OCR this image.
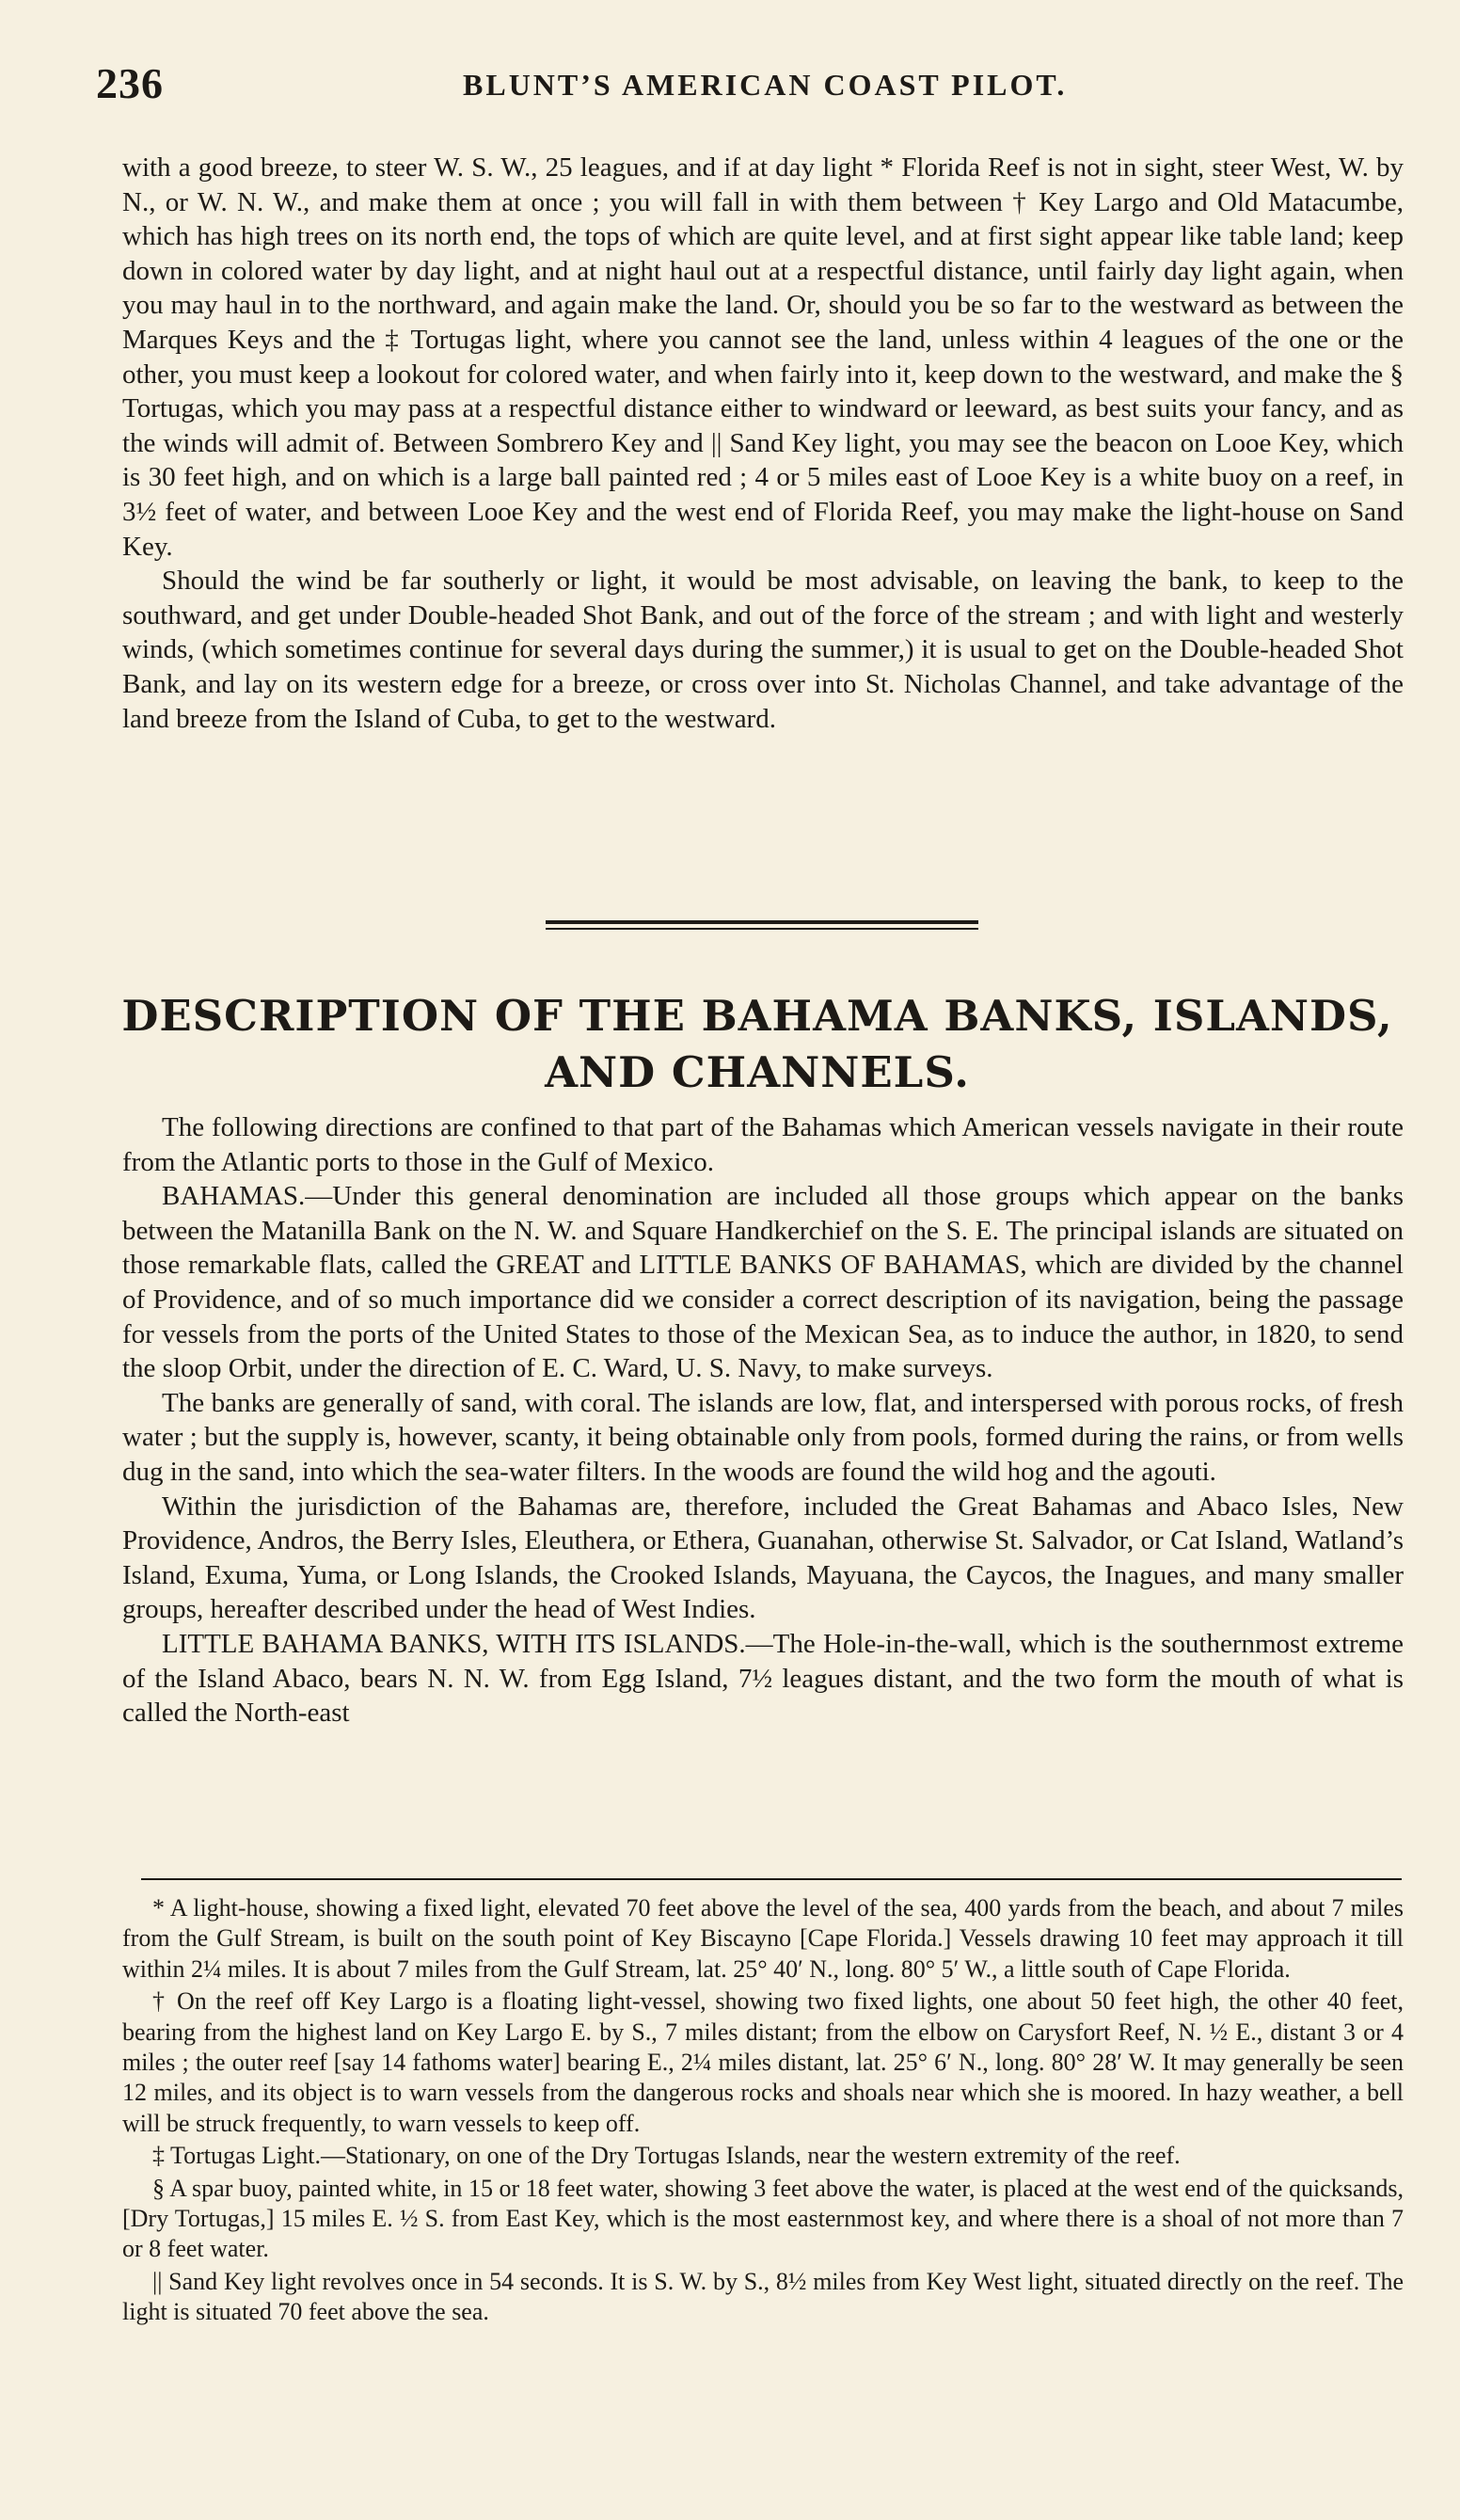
236	BLUNT’S AMERICAN COAST PILOT.

with a good breeze, to steer W. S. W., 25 leagues, and if at day light * Florida Reef is not in sight, steer West, W. by N., or W. N. W., and make them at once ; you will fall in with them between † Key Largo and Old Matacumbe, which has high trees on its north end, the tops of which are quite level, and at first sight appear like table land; keep down in colored water by day light, and at night haul out at a respectful distance, until fairly day light again, when you may haul in to the northward, and again make the land. Or, should you be so far to the westward as between the Marques Keys and the ‡ Tortugas light, where you cannot see the land, unless within 4 leagues of the one or the other, you must keep a lookout for colored water, and when fairly into it, keep down to the westward, and make the § Tortugas, which you may pass at a respectful distance either to windward or leeward, as best suits your fancy, and as the winds will admit of. Between Sombrero Key and || Sand Key light, you may see the beacon on Looe Key, which is 30 feet high, and on which is a large ball painted red ; 4 or 5 miles east of Looe Key is a white buoy on a reef, in 3½ feet of water, and between Looe Key and the west end of Florida Reef, you may make the light-house on Sand Key.

Should the wind be far southerly or light, it would be most advisable, on leaving the bank, to keep to the southward, and get under Double-headed Shot Bank, and out of the force of the stream ; and with light and westerly winds, (which sometimes continue for several days during the summer,) it is usual to get on the Double-headed Shot Bank, and lay on its western edge for a breeze, or cross over into St. Nicholas Channel, and take advantage of the land breeze from the Island of Cuba, to get to the westward.

DESCRIPTION OF THE BAHAMA BANKS, ISLANDS,
AND CHANNELS.

The following directions are confined to that part of the Bahamas which American vessels navigate in their route from the Atlantic ports to those in the Gulf of Mexico.

BAHAMAS.—Under this general denomination are included all those groups which appear on the banks between the Matanilla Bank on the N. W. and Square Handkerchief on the S. E. The principal islands are situated on those remarkable flats, called the GREAT and LITTLE BANKS OF BAHAMAS, which are divided by the channel of Providence, and of so much importance did we consider a correct description of its navigation, being the passage for vessels from the ports of the United States to those of the Mexican Sea, as to induce the author, in 1820, to send the sloop Orbit, under the direction of E. C. Ward, U. S. Navy, to make surveys.

The banks are generally of sand, with coral. The islands are low, flat, and interspersed with porous rocks, of fresh water ; but the supply is, however, scanty, it being obtainable only from pools, formed during the rains, or from wells dug in the sand, into which the sea-water filters. In the woods are found the wild hog and the agouti.

Within the jurisdiction of the Bahamas are, therefore, included the Great Bahamas and Abaco Isles, New Providence, Andros, the Berry Isles, Eleuthera, or Ethera, Guanahan, otherwise St. Salvador, or Cat Island, Watland’s Island, Exuma, Yuma, or Long Islands, the Crooked Islands, Mayuana, the Caycos, the Inagues, and many smaller groups, hereafter described under the head of West Indies.

LITTLE BAHAMA BANKS, WITH ITS ISLANDS.—The Hole-in-the-wall, which is the southernmost extreme of the Island Abaco, bears N. N. W. from Egg Island, 7½ leagues distant, and the two form the mouth of what is called the North-east

* A light-house, showing a fixed light, elevated 70 feet above the level of the sea, 400 yards from the beach, and about 7 miles from the Gulf Stream, is built on the south point of Key Biscayno [Cape Florida.] Vessels drawing 10 feet may approach it till within 2¼ miles. It is about 7 miles from the Gulf Stream, lat. 25° 40′ N., long. 80° 5′ W., a little south of Cape Florida.

† On the reef off Key Largo is a floating light-vessel, showing two fixed lights, one about 50 feet high, the other 40 feet, bearing from the highest land on Key Largo E. by S., 7 miles distant; from the elbow on Carysfort Reef, N. ½ E., distant 3 or 4 miles ; the outer reef [say 14 fathoms water] bearing E., 2¼ miles distant, lat. 25° 6′ N., long. 80° 28′ W. It may generally be seen 12 miles, and its object is to warn vessels from the dangerous rocks and shoals near which she is moored. In hazy weather, a bell will be struck frequently, to warn vessels to keep off.

‡ Tortugas Light.—Stationary, on one of the Dry Tortugas Islands, near the western extremity of the reef.

§ A spar buoy, painted white, in 15 or 18 feet water, showing 3 feet above the water, is placed at the west end of the quicksands, [Dry Tortugas,] 15 miles E. ½ S. from East Key, which is the most easternmost key, and where there is a shoal of not more than 7 or 8 feet water.

|| Sand Key light revolves once in 54 seconds. It is S. W. by S., 8½ miles from Key West light, situated directly on the reef. The light is situated 70 feet above the sea.
